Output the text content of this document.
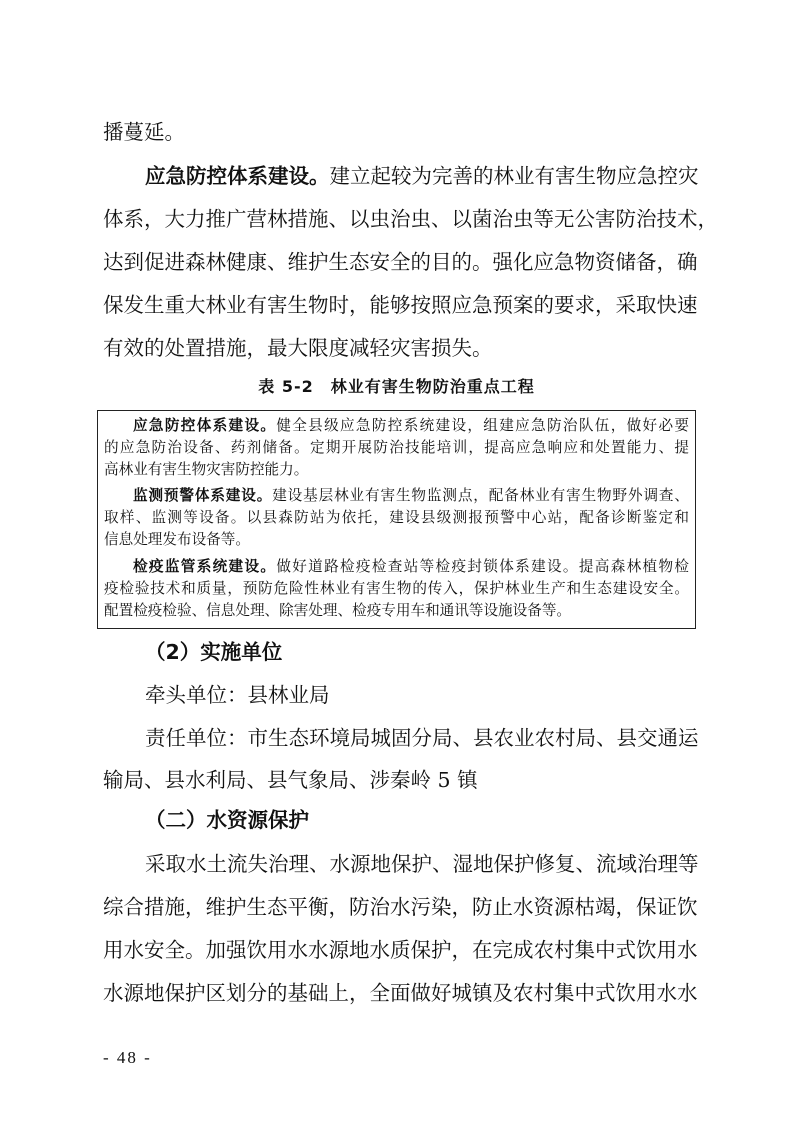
播蔓延。
应急防控体系建设。建立起较为完善的林业有害生物应急控灾
体系，大力推广营林措施、以虫治虫、以菌治虫等无公害防治技术，
达到促进森林健康、维护生态安全的目的。强化应急物资储备，确
保发生重大林业有害生物时，能够按照应急预案的要求，采取快速
有效的处置措施，最大限度减轻灾害损失。
表 5-2　林业有害生物防治重点工程
应急防控体系建设。健全县级应急防控系统建设，组建应急防治队伍，做好必要
的应急防治设备、药剂储备。定期开展防治技能培训，提高应急响应和处置能力、提
高林业有害生物灾害防控能力。
监测预警体系建设。建设基层林业有害生物监测点，配备林业有害生物野外调查、
取样、监测等设备。以县森防站为依托，建设县级测报预警中心站，配备诊断鉴定和
信息处理发布设备等。
检疫监管系统建设。做好道路检疫检查站等检疫封锁体系建设。提高森林植物检
疫检验技术和质量，预防危险性林业有害生物的传入，保护林业生产和生态建设安全。
配置检疫检验、信息处理、除害处理、检疫专用车和通讯等设施设备等。
（2）实施单位
牵头单位：县林业局
责任单位：市生态环境局城固分局、县农业农村局、县交通运
输局、县水利局、县气象局、涉秦岭 5 镇
（二）水资源保护
采取水土流失治理、水源地保护、湿地保护修复、流域治理等
综合措施，维护生态平衡，防治水污染，防止水资源枯竭，保证饮
用水安全。加强饮用水水源地水质保护，在完成农村集中式饮用水
水源地保护区划分的基础上，全面做好城镇及农村集中式饮用水水
- 48 -
